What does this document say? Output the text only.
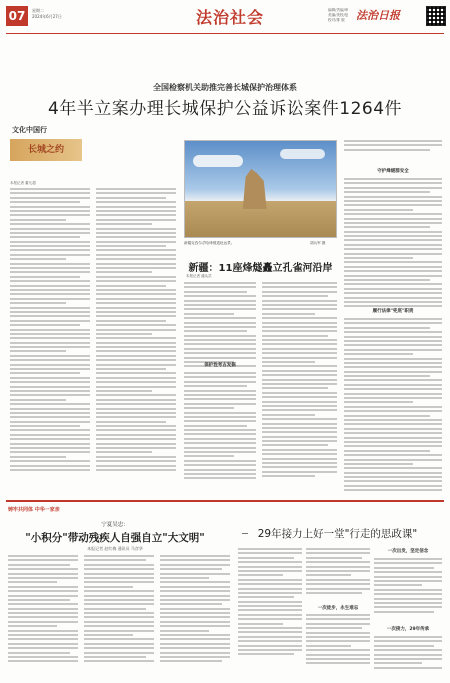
07	星期二
2024年6月27日	法治社会	编辑/责编/审
美编/美校/复
校对/排 版	法治日报
全国检察机关助推完善长城保护治理体系
4年半立案办理长城保护公益诉讼案件1264件
文化中国行
长城之约
本报记者 董凡超
新疆克孜尔尕哈烽燧遗址远景。	胡兵军 摄
新疆：11座烽燧矗立孔雀河沿岸
本报记者 潘从武
保护性考古发掘
守护烽燧群安全
履行法律"兜底"职责
铸牢共同体 中华一家亲
宁夏吴忠：
"小积分"带动残疾人自强自立"大文明"
本报记者 赵红梅 通讯员 马彦华
29年接力上好一堂"行走的思政课"
一次徒步，永生难忘
一次出发，坚定信念
一次接力，29年传承
